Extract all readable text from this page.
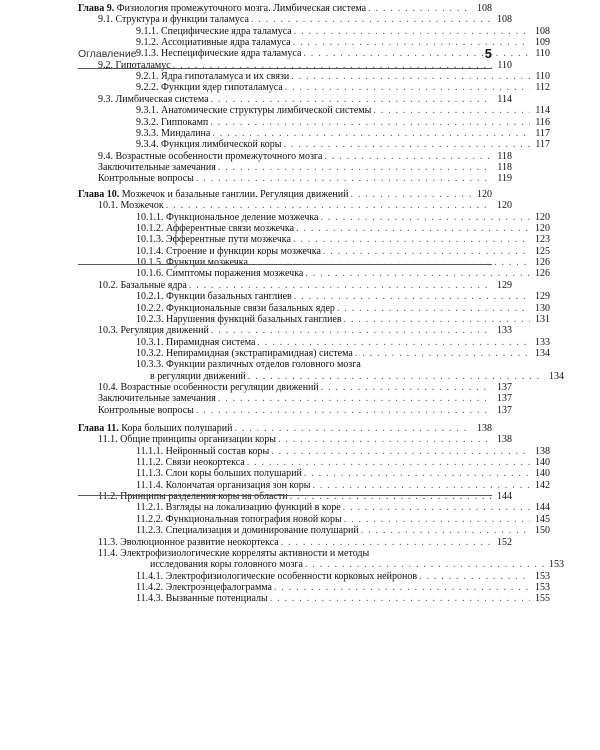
Оглавление	5
Глава 9. Физиология промежуточного мозга. Лимбическая система . . .	108
9.1. Структура и функции таламуса . . .	108
9.1.1. Специфические ядра таламуса . . .	108
9.1.2. Ассоциативные ядра таламуса . . .	109
9.1.3. Неспецифические ядра таламуса . . .	110
9.2. Гипоталамус . . .	110
9.2.1. Ядра гипоталамуса и их связи . . .	110
9.2.2. Функции ядер гипоталамуса . . .	112
9.3. Лимбическая система . . .	114
9.3.1. Анатомические структуры лимбической системы . . .	114
9.3.2. Гиппокамп . . .	116
9.3.3. Миндалина . . .	117
9.3.4. Функция лимбической коры . . .	117
9.4. Возрастные особенности промежуточного мозга . . .	118
Заключительные замечания . . .	118
Контрольные вопросы . . .	119
Глава 10. Мозжечок и базальные ганглии. Регуляция движений . . .	120
10.1. Мозжечок . . .	120
10.1.1. Функциональное деление мозжечка . . .	120
10.1.2. Афферентные связи мозжечка . . .	120
10.1.3. Эфферентные пути мозжечка . . .	123
10.1.4. Строение и функции коры мозжечка . . .	125
10.1.5. Функции мозжечка . . .	126
10.1.6. Симптомы поражения мозжечка . . .	126
10.2. Базальные ядра . . .	129
10.2.1. Функции базальных ганглиев . . .	129
10.2.2. Функциональные связи базальных ядер . . .	130
10.2.3. Нарушения функций базальных ганглиев . . .	131
10.3. Регуляция движений . . .	133
10.3.1. Пирамидная система . . .	133
10.3.2. Непирамидная (экстрапирамидная) система . . .	134
10.3.3. Функции различных отделов головного мозга
в регуляции движений . . .	134
10.4. Возрастные особенности регуляции движений . . .	137
Заключительные замечания . . .	137
Контрольные вопросы . . .	137
Глава 11. Кора больших полушарий . . .	138
11.1. Общие принципы организации коры . . .	138
11.1.1. Нейронный состав коры . . .	138
11.1.2. Связи неокортекса . . .	140
11.1.3. Слои коры больших полушарий . . .	140
11.1.4. Колончатая организация зон коры . . .	142
11.2. Принципы разделения коры на области . . .	144
11.2.1. Взгляды на локализацию функций в коре . . .	144
11.2.2. Функциональная топография новой коры . . .	145
11.2.3. Специализация и доминирование полушарий . . .	150
11.3. Эволюционное развитие неокортекса . . .	152
11.4. Электрофизиологические корреляты активности и методы
исследования коры головного мозга . . .	153
11.4.1. Электрофизиологические особенности корковых нейронов . . .	153
11.4.2. Электроэнцефалограмма . . .	153
11.4.3. Вызванные потенциалы . . .	155
